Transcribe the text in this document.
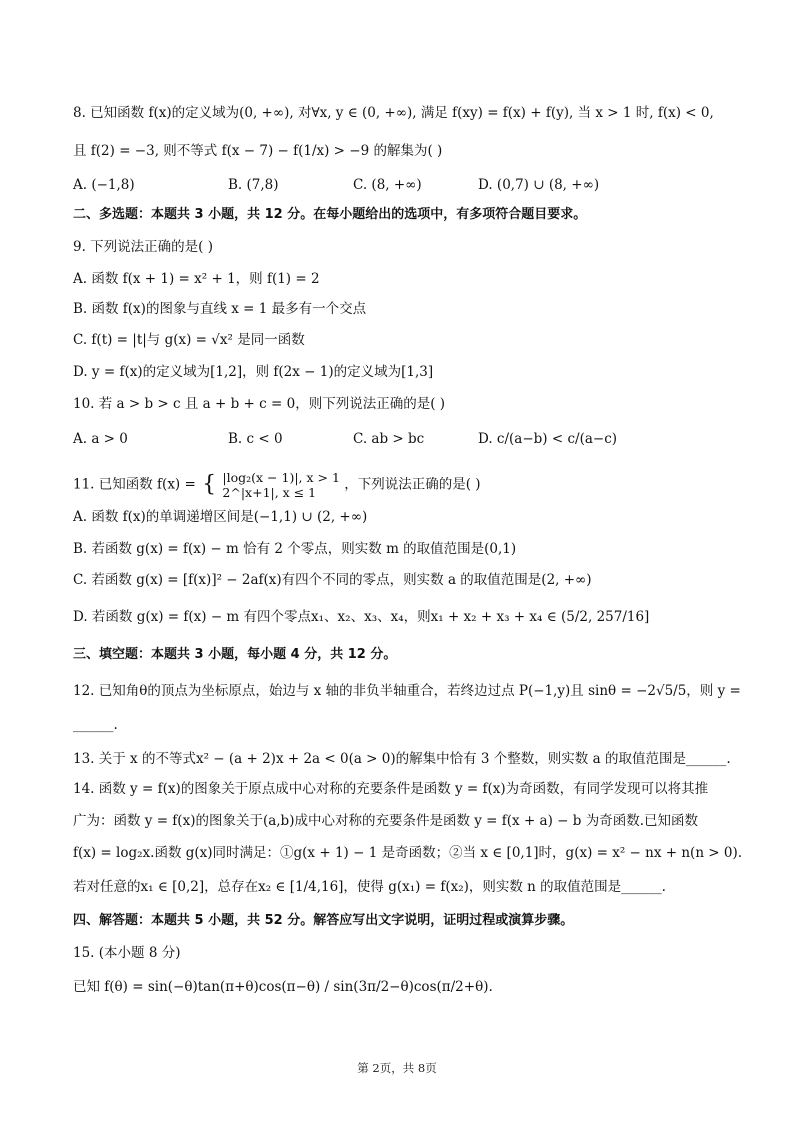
8. 已知函数 f(x)的定义域为(0, +∞), 对∀x, y ∈ (0, +∞), 满足 f(xy) = f(x) + f(y), 当 x > 1 时, f(x) < 0,
且 f(2) = −3, 则不等式 f(x − 7) − f(1/x) > −9 的解集为( )
A. (−1,8)	B. (7,8)	C. (8, +∞)	D. (0,7) ∪ (8, +∞)
二、多选题：本题共 3 小题，共 12 分。在每小题给出的选项中，有多项符合题目要求。
9. 下列说法正确的是( )
A. 函数 f(x + 1) = x² + 1，则 f(1) = 2
B. 函数 f(x)的图象与直线 x = 1 最多有一个交点
C. f(t) = |t|与 g(x) = √x² 是同一函数
D. y = f(x)的定义域为[1,2]，则 f(2x − 1)的定义域为[1,3]
10. 若 a > b > c 且 a + b + c = 0，则下列说法正确的是( )
A. a > 0	B. c < 0	C. ab > bc	D. c/(a−b) < c/(a−c)
11. 已知函数 f(x) = { |log₂(x − 1)|, x > 1
2^|x+1|, x ≤ 1	，下列说法正确的是( )
A. 函数 f(x)的单调递增区间是(−1,1) ∪ (2, +∞)
B. 若函数 g(x) = f(x) − m 恰有 2 个零点，则实数 m 的取值范围是(0,1)
C. 若函数 g(x) = [f(x)]² − 2af(x)有四个不同的零点，则实数 a 的取值范围是(2, +∞)
D. 若函数 g(x) = f(x) − m 有四个零点x₁、x₂、x₃、x₄，则x₁ + x₂ + x₃ + x₄ ∈ (5/2, 257/16]
三、填空题：本题共 3 小题，每小题 4 分，共 12 分。
12. 已知角θ的顶点为坐标原点，始边与 x 轴的非负半轴重合，若终边过点 P(−1,y)且 sinθ = −2√5/5，则 y =
______.
13. 关于 x 的不等式x² − (a + 2)x + 2a < 0(a > 0)的解集中恰有 3 个整数，则实数 a 的取值范围是______.
14. 函数 y = f(x)的图象关于原点成中心对称的充要条件是函数 y = f(x)为奇函数，有同学发现可以将其推
广为：函数 y = f(x)的图象关于(a,b)成中心对称的充要条件是函数 y = f(x + a) − b 为奇函数.已知函数
f(x) = log₂x.函数 g(x)同时满足：①g(x + 1) − 1 是奇函数；②当 x ∈ [0,1]时，g(x) = x² − nx + n(n > 0).
若对任意的x₁ ∈ [0,2]，总存在x₂ ∈ [1/4,16]，使得 g(x₁) = f(x₂)，则实数 n 的取值范围是______.
四、解答题：本题共 5 小题，共 52 分。解答应写出文字说明，证明过程或演算步骤。
15. (本小题 8 分)
已知 f(θ) = sin(−θ)tan(π+θ)cos(π−θ) / sin(3π/2−θ)cos(π/2+θ).
第 2页，共 8页
